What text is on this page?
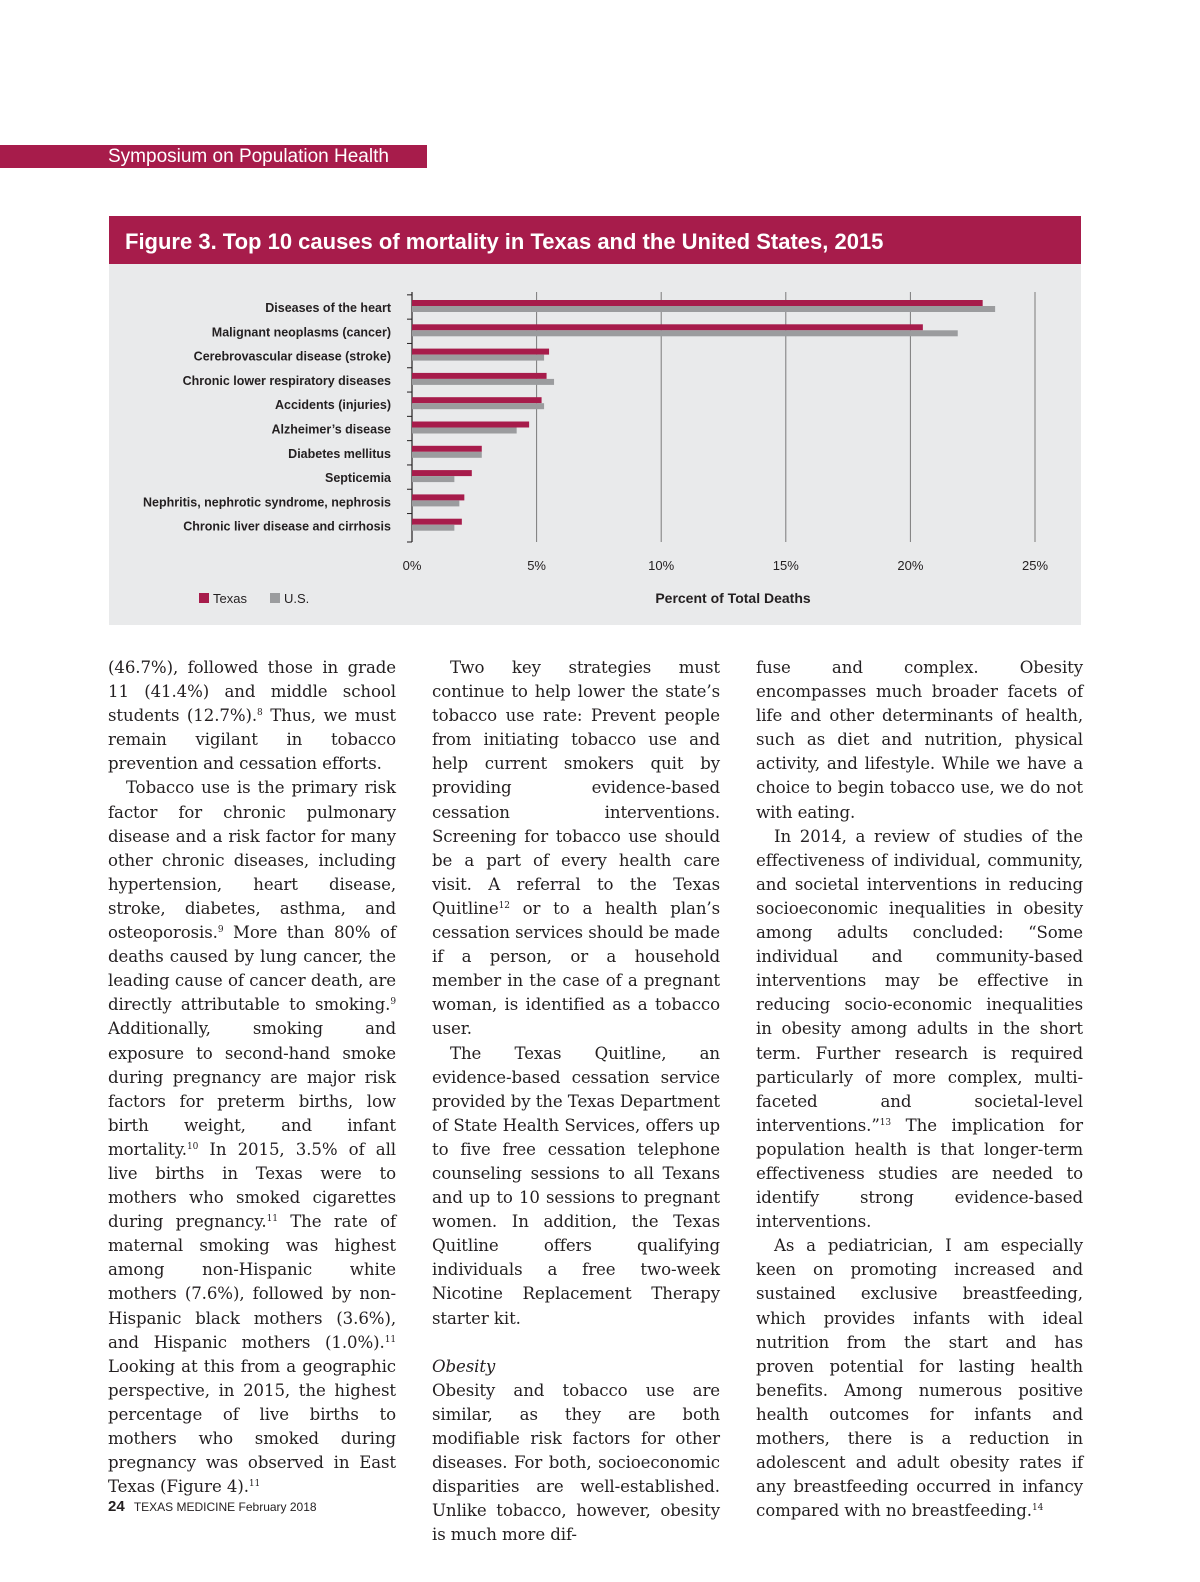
Symposium on Population Health
Figure 3. Top 10 causes of mortality in Texas and the United States, 2015
0%	5%	10%	15%	20%	25%
Diseases of the heart
Malignant neoplasms (cancer)
Cerebrovascular disease (stroke)
Chronic lower respiratory diseases
Accidents (injuries)
Alzheimer’s disease
Diabetes mellitus
Septicemia
Nephritis, nephrotic syndrome, nephrosis
Chronic liver disease and cirrhosis
Percent of Total Deaths
Texas	U.S.

(46.7%), followed those in grade 11 (41.4%) and middle school students (12.7%).$^8$ Thus, we must remain vigilant in tobacco prevention and cessation efforts.

Tobacco use is the primary risk factor for chronic pulmonary disease and a risk factor for many other chronic diseases, including hypertension, heart disease, stroke, diabetes, asthma, and osteoporosis.$^9$ More than 80% of deaths caused by lung cancer, the leading cause of cancer death, are directly attributable to smoking.$^9$ Additionally, smoking and exposure to second-hand smoke during pregnancy are major risk factors for preterm births, low birth weight, and infant mortality.$^{10}$ In 2015, 3.5% of all live births in Texas were to mothers who smoked cigarettes during pregnancy.$^{11}$ The rate of maternal smoking was highest among non-Hispanic white mothers (7.6%), followed by non-Hispanic black mothers (3.6%), and Hispanic mothers (1.0%).$^{11}$ Looking at this from a geographic perspective, in 2015, the highest percentage of live births to mothers who smoked during pregnancy was observed in East Texas (Figure 4).$^{11}$

Two key strategies must continue to help lower the state’s tobacco use rate: Prevent people from initiating tobacco use and help current smokers quit by providing evidence-based cessation interventions. Screening for tobacco use should be a part of every health care visit. A referral to the Texas Quitline$^{12}$ or to a health plan’s cessation services should be made if a person, or a household member in the case of a pregnant woman, is identified as a tobacco user.

The Texas Quitline, an evidence-based cessation service provided by the Texas Department of State Health Services, offers up to five free cessation telephone counseling sessions to all Texans and up to 10 sessions to pregnant women. In addition, the Texas Quitline offers qualifying individuals a free two-week Nicotine Replacement Therapy starter kit.

Obesity

Obesity and tobacco use are similar, as they are both modifiable risk factors for other diseases. For both, socioeconomic disparities are well-established. Unlike tobacco, however, obesity is much more dif-

fuse and complex. Obesity encompasses much broader facets of life and other determinants of health, such as diet and nutrition, physical activity, and lifestyle. While we have a choice to begin tobacco use, we do not with eating.

In 2014, a review of studies of the effectiveness of individual, community, and societal interventions in reducing socioeconomic inequalities in obesity among adults concluded: “Some individual and community-based interventions may be effective in reducing socio-economic inequalities in obesity among adults in the short term. Further research is required particularly of more complex, multi-faceted and societal-level interventions.”$^{13}$ The implication for population health is that longer-term effectiveness studies are needed to identify strong evidence-based interventions.

As a pediatrician, I am especially keen on promoting increased and sustained exclusive breastfeeding, which provides infants with ideal nutrition from the start and has proven potential for lasting health benefits. Among numerous positive health outcomes for infants and mothers, there is a reduction in adolescent and adult obesity rates if any breastfeeding occurred in infancy compared with no breastfeeding.$^{14}$

24 TEXAS MEDICINE February 2018
